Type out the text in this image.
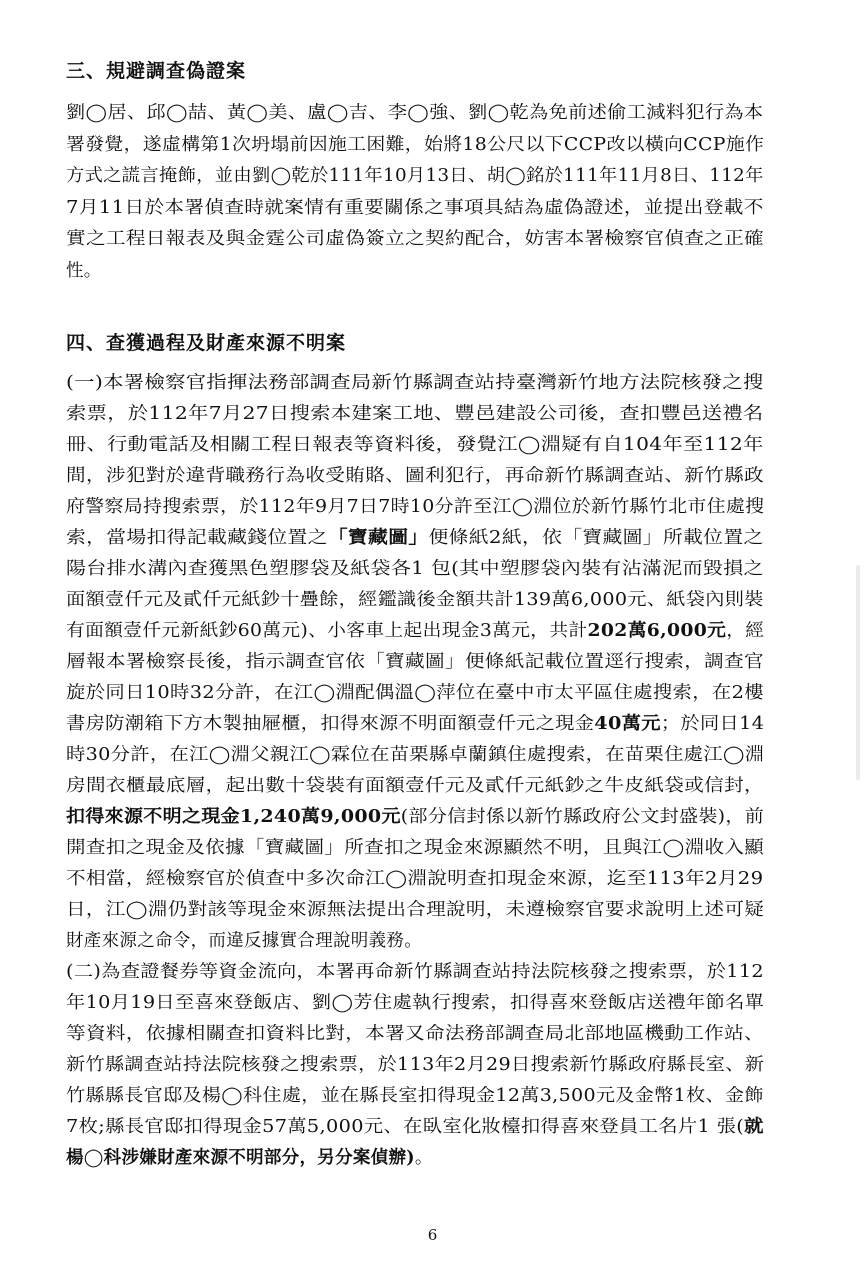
三、規避調查偽證案
劉◯居、邱◯喆、黃◯美、盧◯吉、李◯強、劉◯乾為免前述偷工減料犯行為本
署發覺，遂虛構第1次坍塌前因施工困難，始將18公尺以下CCP改以橫向CCP施作
方式之謊言掩飾，並由劉◯乾於111年10月13日、胡◯銘於111年11月8日、112年
7月11日於本署偵查時就案情有重要關係之事項具結為虛偽證述，並提出登載不
實之工程日報表及與金霆公司虛偽簽立之契約配合，妨害本署檢察官偵查之正確
性。
四、查獲過程及財產來源不明案
(一)本署檢察官指揮法務部調查局新竹縣調查站持臺灣新竹地方法院核發之搜
索票，於112年7月27日搜索本建案工地、豐邑建設公司後，查扣豐邑送禮名
冊、行動電話及相關工程日報表等資料後，發覺江◯淵疑有自104年至112年
間，涉犯對於違背職務行為收受賄賂、圖利犯行，再命新竹縣調查站、新竹縣政
府警察局持搜索票，於112年9月7日7時10分許至江◯淵位於新竹縣竹北市住處搜
索，當場扣得記載藏錢位置之「寶藏圖」便條紙2紙，依「寶藏圖」所載位置之
陽台排水溝內查獲黑色塑膠袋及紙袋各1 包(其中塑膠袋內裝有沾滿泥而毀損之
面額壹仟元及貳仟元紙鈔十疊餘，經鑑識後金額共計139萬6,000元、紙袋內則裝
有面額壹仟元新紙鈔60萬元)、小客車上起出現金3萬元，共計202萬6,000元，經
層報本署檢察長後，指示調查官依「寶藏圖」便條紙記載位置逕行搜索，調查官
旋於同日10時32分許，在江◯淵配偶溫◯萍位在臺中市太平區住處搜索，在2樓
書房防潮箱下方木製抽屜櫃，扣得來源不明面額壹仟元之現金40萬元；於同日14
時30分許，在江◯淵父親江◯霖位在苗栗縣卓蘭鎮住處搜索，在苗栗住處江◯淵
房間衣櫃最底層，起出數十袋裝有面額壹仟元及貳仟元紙鈔之牛皮紙袋或信封，
扣得來源不明之現金1,240萬9,000元(部分信封係以新竹縣政府公文封盛裝)，前
開查扣之現金及依據「寶藏圖」所查扣之現金來源顯然不明，且與江◯淵收入顯
不相當，經檢察官於偵查中多次命江◯淵說明查扣現金來源，迄至113年2月29
日，江◯淵仍對該等現金來源無法提出合理說明，未遵檢察官要求說明上述可疑
財產來源之命令，而違反據實合理說明義務。
(二)為查證餐券等資金流向，本署再命新竹縣調查站持法院核發之搜索票，於112
年10月19日至喜來登飯店、劉◯芳住處執行搜索，扣得喜來登飯店送禮年節名單
等資料，依據相關查扣資料比對，本署又命法務部調查局北部地區機動工作站、
新竹縣調查站持法院核發之搜索票，於113年2月29日搜索新竹縣政府縣長室、新
竹縣縣長官邸及楊◯科住處，並在縣長室扣得現金12萬3,500元及金幣1枚、金飾
7枚;縣長官邸扣得現金57萬5,000元、在臥室化妝檯扣得喜來登員工名片1 張(就
楊◯科涉嫌財產來源不明部分，另分案偵辦)。
6
